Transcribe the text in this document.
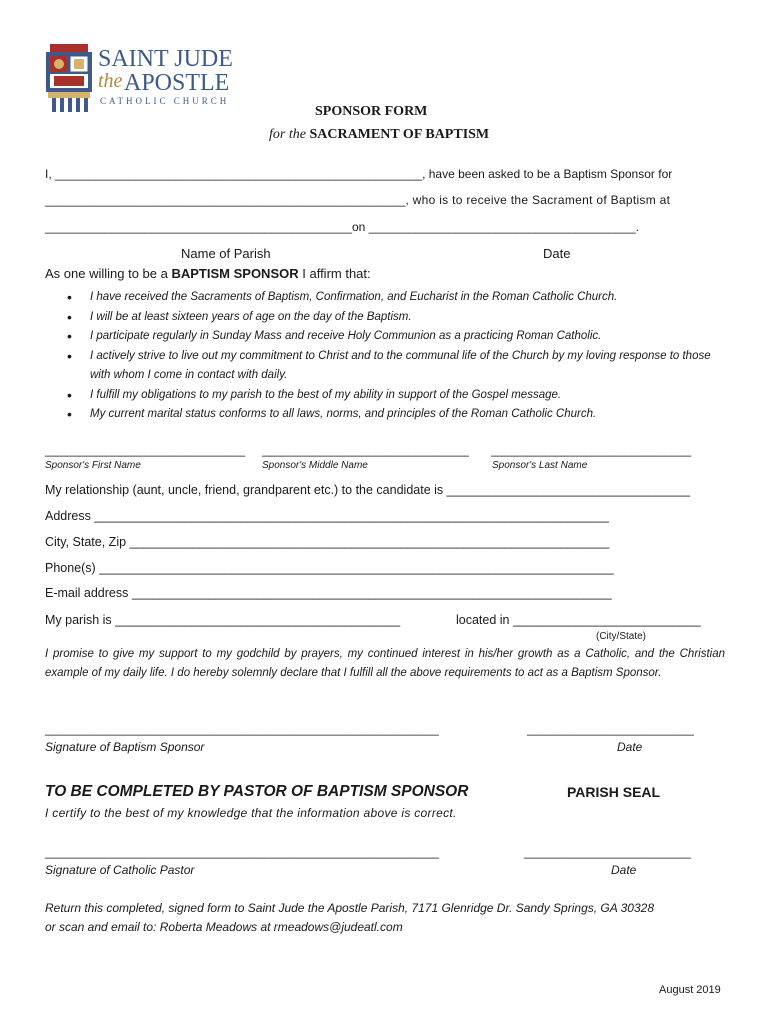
SAINT JUDE
the APOSTLE
CATHOLIC CHURCH
SPONSOR FORM
for the SACRAMENT OF BAPTISM
I, _______________________________________________________, have been asked to be a Baptism Sponsor for
______________________________________________________, who is to receive the Sacrament of Baptism at
______________________________________________on ________________________________________.
Name of Parish	Date
As one willing to be a BAPTISM SPONSOR I affirm that:
• I have received the Sacraments of Baptism, Confirmation, and Eucharist in the Roman Catholic Church.
• I will be at least sixteen years of age on the day of the Baptism.
• I participate regularly in Sunday Mass and receive Holy Communion as a practicing Roman Catholic.
• I actively strive to live out my commitment to Christ and to the communal life of the Church by my loving response to those with whom I come in contact with daily.
• I fulfill my obligations to my parish to the best of my ability in support of the Gospel message.
• My current marital status conforms to all laws, norms, and principles of the Roman Catholic Church.
______________________________ _______________________________ ______________________________
Sponsor's First Name	Sponsor's Middle Name	Sponsor's Last Name
My relationship (aunt, uncle, friend, grandparent etc.) to the candidate is ___________________________________
Address __________________________________________________________________________
City, State, Zip _____________________________________________________________________
Phone(s) __________________________________________________________________________
E-mail address _____________________________________________________________________
My parish is _________________________________________	located in ___________________________
(City/State)
I promise to give my support to my godchild by prayers, my continued interest in his/her growth as a Catholic, and the Christian example of my daily life. I do hereby solemnly declare that I fulfill all the above requirements to act as a Baptism Sponsor.
___________________________________________________________	_________________________
Signature of Baptism Sponsor	Date
TO BE COMPLETED BY PASTOR OF BAPTISM SPONSOR	PARISH SEAL
I certify to the best of my knowledge that the information above is correct.
___________________________________________________________	_________________________
Signature of Catholic Pastor	Date
Return this completed, signed form to Saint Jude the Apostle Parish, 7171 Glenridge Dr. Sandy Springs, GA 30328
or scan and email to: Roberta Meadows at rmeadows@judeatl.com
August 2019
